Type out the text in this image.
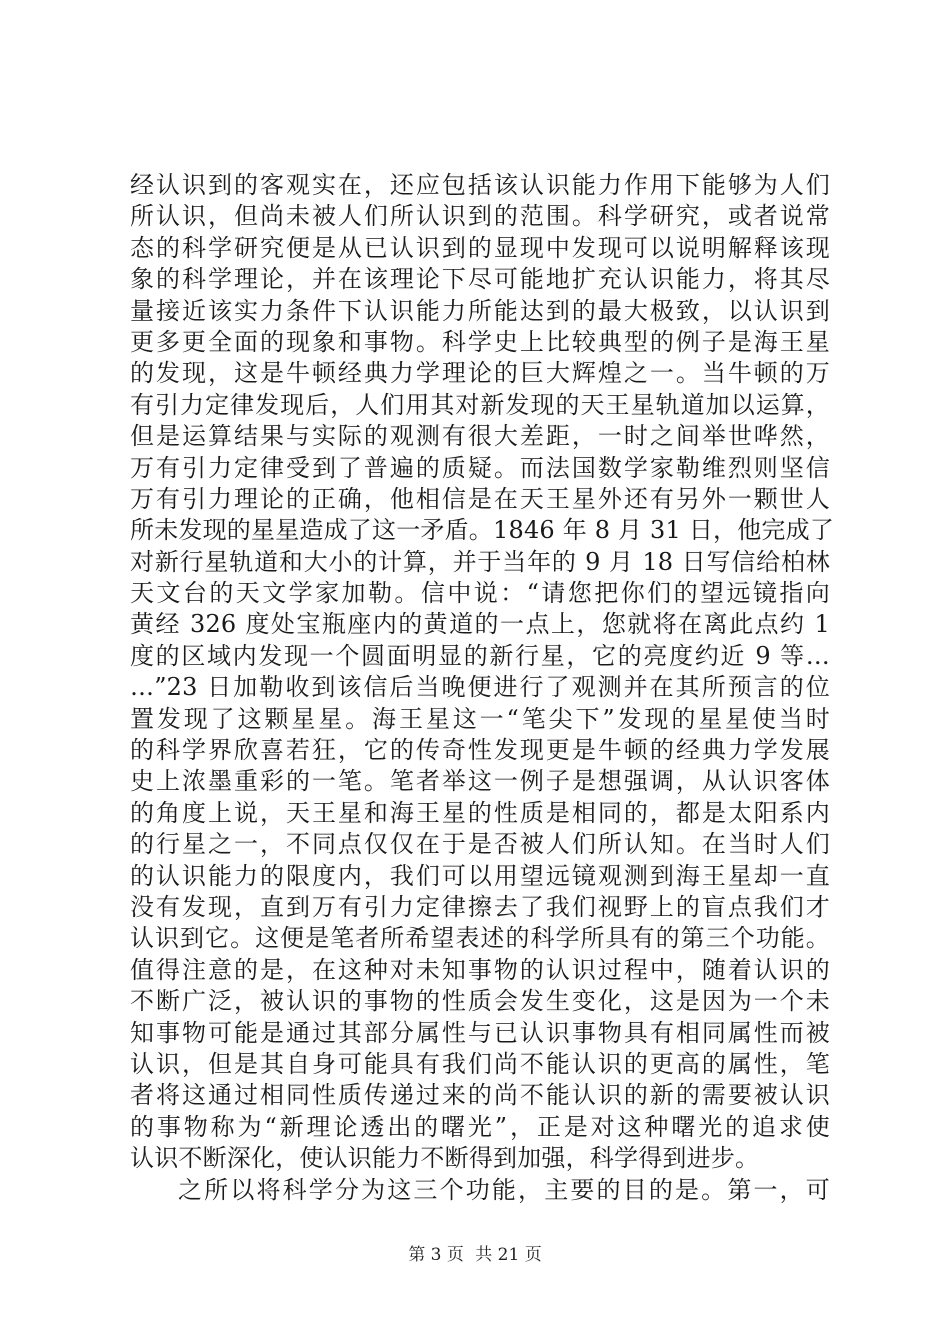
经认识到的客观实在，还应包括该认识能力作用下能够为人们
所认识，但尚未被人们所认识到的范围。科学研究，或者说常
态的科学研究便是从已认识到的显现中发现可以说明解释该现
象的科学理论，并在该理论下尽可能地扩充认识能力，将其尽
量接近该实力条件下认识能力所能达到的最大极致，以认识到
更多更全面的现象和事物。科学史上比较典型的例子是海王星
的发现，这是牛顿经典力学理论的巨大辉煌之一。当牛顿的万
有引力定律发现后，人们用其对新发现的天王星轨道加以运算，
但是运算结果与实际的观测有很大差距，一时之间举世哗然，
万有引力定律受到了普遍的质疑。而法国数学家勒维烈则坚信
万有引力理论的正确，他相信是在天王星外还有另外一颗世人
所未发现的星星造成了这一矛盾。1846 年 8 月 31 日，他完成了
对新行星轨道和大小的计算，并于当年的 9 月 18 日写信给柏林
天文台的天文学家加勒。信中说：“请您把你们的望远镜指向
黄经 326 度处宝瓶座内的黄道的一点上，您就将在离此点约 1
度的区域内发现一个圆面明显的新行星，它的亮度约近 9 等…
…”23 日加勒收到该信后当晚便进行了观测并在其所预言的位
置发现了这颗星星。海王星这一“笔尖下”发现的星星使当时
的科学界欣喜若狂，它的传奇性发现更是牛顿的经典力学发展
史上浓墨重彩的一笔。笔者举这一例子是想强调，从认识客体
的角度上说，天王星和海王星的性质是相同的，都是太阳系内
的行星之一，不同点仅仅在于是否被人们所认知。在当时人们
的认识能力的限度内，我们可以用望远镜观测到海王星却一直
没有发现，直到万有引力定律擦去了我们视野上的盲点我们才
认识到它。这便是笔者所希望表述的科学所具有的第三个功能。
值得注意的是，在这种对未知事物的认识过程中，随着认识的
不断广泛，被认识的事物的性质会发生变化，这是因为一个未
知事物可能是通过其部分属性与已认识事物具有相同属性而被
认识，但是其自身可能具有我们尚不能认识的更高的属性，笔
者将这通过相同性质传递过来的尚不能认识的新的需要被认识
的事物称为“新理论透出的曙光”，正是对这种曙光的追求使
认识不断深化，使认识能力不断得到加强，科学得到进步。
之所以将科学分为这三个功能，主要的目的是。第一，可
第 3 页 共 21 页
